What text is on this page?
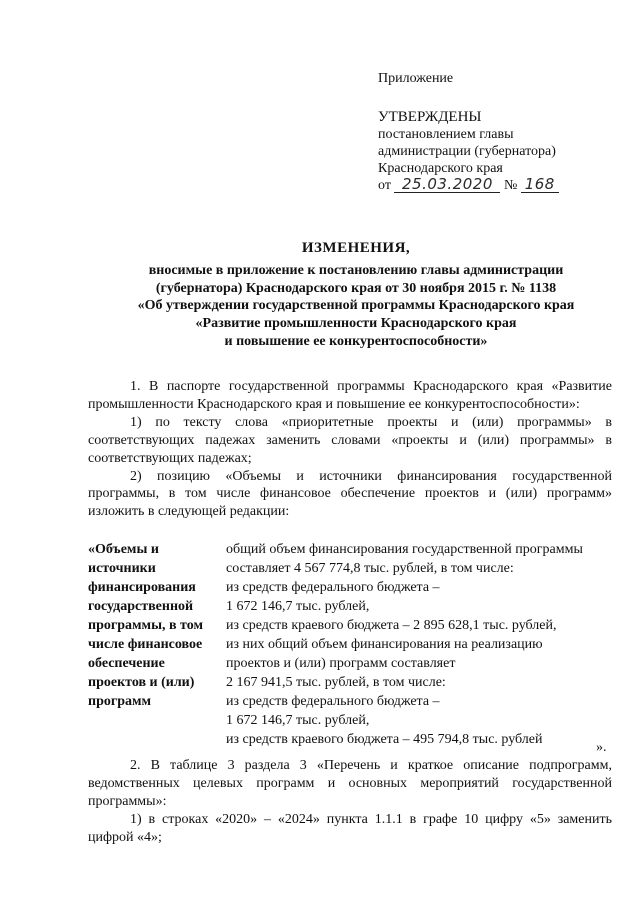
Приложение
УТВЕРЖДЕНЫ
постановлением главы
администрации (губернатора)
Краснодарского края
от 25.03.2020 № 168
ИЗМЕНЕНИЯ,
вносимые в приложение к постановлению главы администрации
(губернатора) Краснодарского края от 30 ноября 2015 г. № 1138
«Об утверждении государственной программы Краснодарского края
«Развитие промышленности Краснодарского края
и повышение ее конкурентоспособности»

1. В паспорте государственной программы Краснодарского края «Развитие промышленности Краснодарского края и повышение ее конкурентоспособности»:

1) по тексту слова «приоритетные проекты и (или) программы» в соответствующих падежах заменить словами «проекты и (или) программы» в соответствующих падежах;

2) позицию «Объемы и источники финансирования государственной программы, в том числе финансовое обеспечение проектов и (или) программ» изложить в следующей редакции:

«Объемы и
источники
финансирования
государственной
программы, в том
числе финансовое
обеспечение
проектов и (или)
программ
общий объем финансирования государственной программы
составляет 4 567 774,8 тыс. рублей, в том числе:
из средств федерального бюджета –
1 672 146,7 тыс. рублей,
из средств краевого бюджета – 2 895 628,1 тыс. рублей,
из них общий объем финансирования на реализацию
проектов и (или) программ составляет
2 167 941,5 тыс. рублей, в том числе:
из средств федерального бюджета –
1 672 146,7 тыс. рублей,
из средств краевого бюджета – 495 794,8 тыс. рублей
».

2. В таблице 3 раздела 3 «Перечень и краткое описание подпрограмм, ведомственных целевых программ и основных мероприятий государственной программы»:

1) в строках «2020» – «2024» пункта 1.1.1 в графе 10 цифру «5» заменить цифрой «4»;
